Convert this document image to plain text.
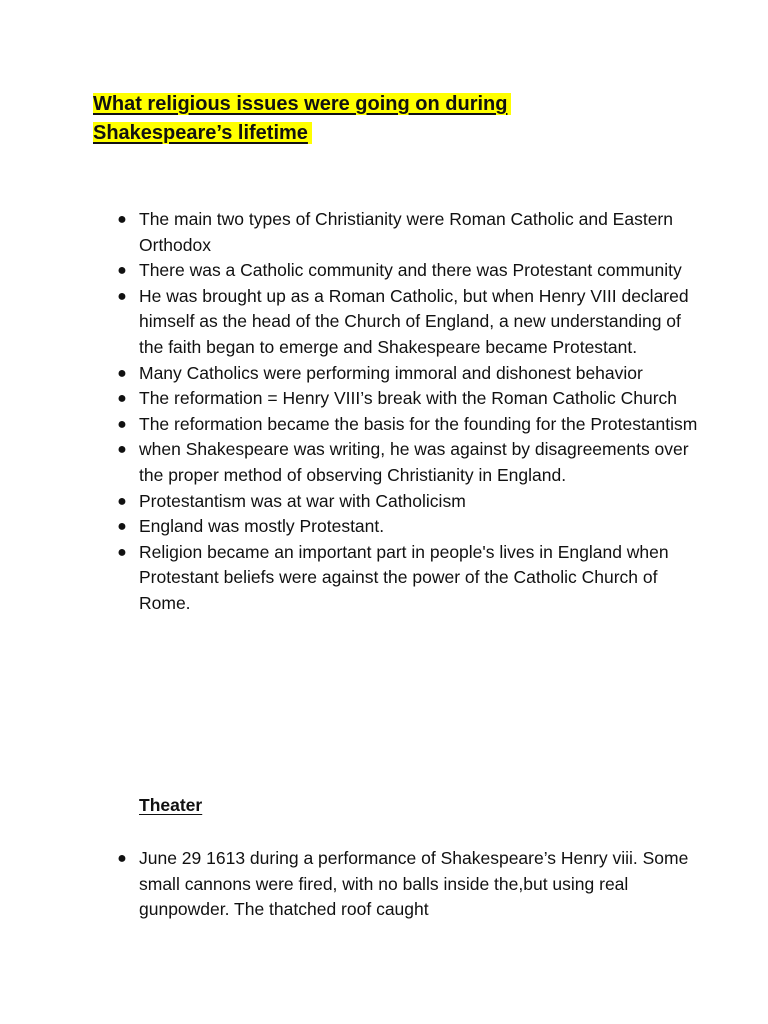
What religious issues were going on during
Shakespeare’s lifetime
● The main two types of Christianity were Roman Catholic and Eastern Orthodox
● There was a Catholic community and there was Protestant community
● He was brought up as a Roman Catholic, but when Henry VIII declared himself as the head of the Church of England, a new understanding of the faith began to emerge and Shakespeare became Protestant.
● Many Catholics were performing immoral and dishonest behavior
● The reformation = Henry VIII’s break with the Roman Catholic Church
● The reformation became the basis for the founding for the Protestantism
● when Shakespeare was writing, he was against by disagreements over the proper method of observing Christianity in England.
● Protestantism was at war with Catholicism
● England was mostly Protestant.
● Religion became an important part in people's lives in England when Protestant beliefs were against the power of the Catholic Church of Rome.
Theater
● June 29 1613 during a performance of Shakespeare’s Henry viii. Some small cannons were fired, with no balls inside the,but using real gunpowder. The thatched roof caught
